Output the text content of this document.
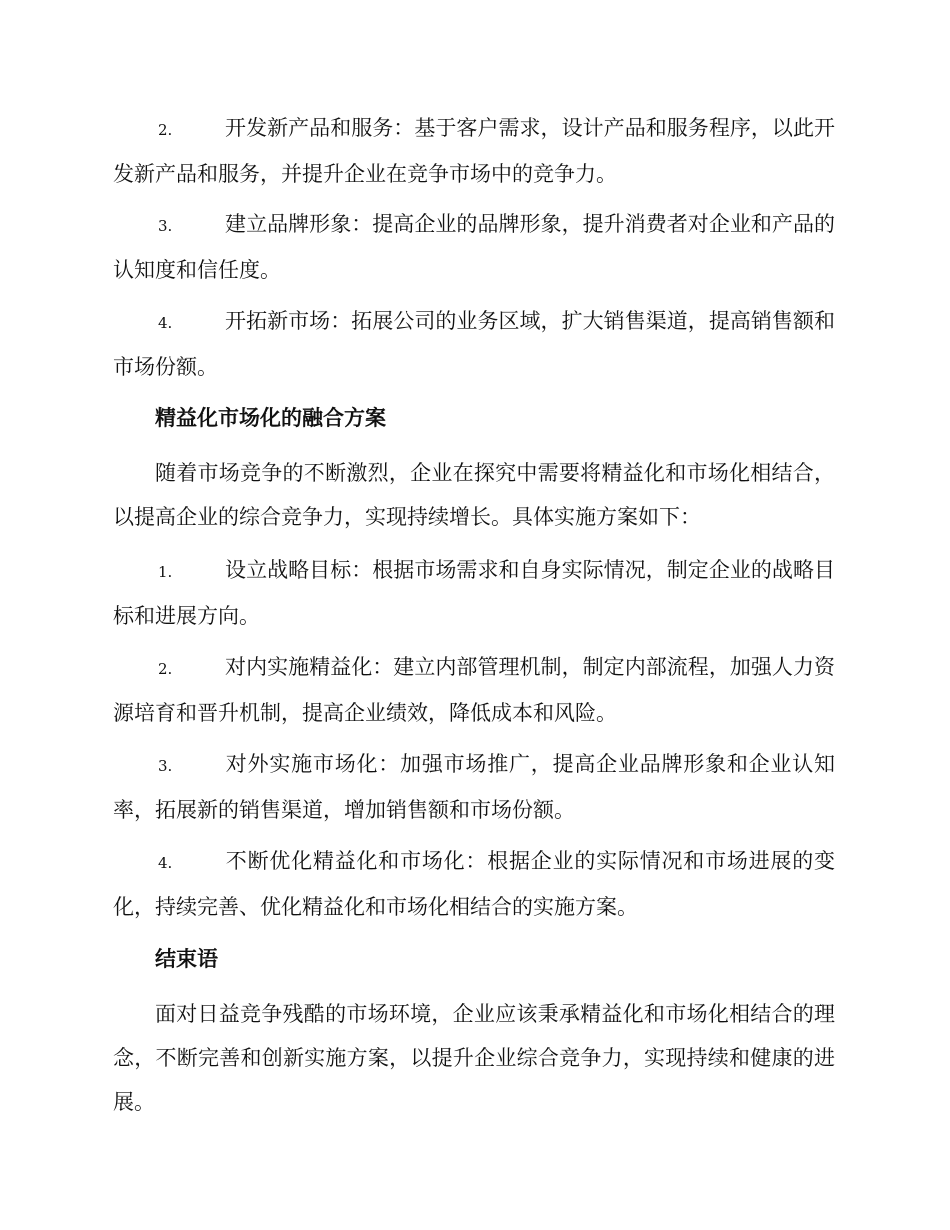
2.	开发新产品和服务：基于客户需求，设计产品和服务程序，以此开发新产品和服务，并提升企业在竞争市场中的竞争力。
3.	建立品牌形象：提高企业的品牌形象，提升消费者对企业和产品的认知度和信任度。
4.	开拓新市场：拓展公司的业务区域，扩大销售渠道，提高销售额和市场份额。
精益化市场化的融合方案
随着市场竞争的不断激烈，企业在探究中需要将精益化和市场化相结合，以提高企业的综合竞争力，实现持续增长。具体实施方案如下：
1.	设立战略目标：根据市场需求和自身实际情况，制定企业的战略目标和进展方向。
2.	对内实施精益化：建立内部管理机制，制定内部流程，加强人力资源培育和晋升机制，提高企业绩效，降低成本和风险。
3.	对外实施市场化：加强市场推广，提高企业品牌形象和企业认知率，拓展新的销售渠道，增加销售额和市场份额。
4.	不断优化精益化和市场化：根据企业的实际情况和市场进展的变化，持续完善、优化精益化和市场化相结合的实施方案。
结束语
面对日益竞争残酷的市场环境，企业应该秉承精益化和市场化相结合的理念，不断完善和创新实施方案，以提升企业综合竞争力，实现持续和健康的进展。
